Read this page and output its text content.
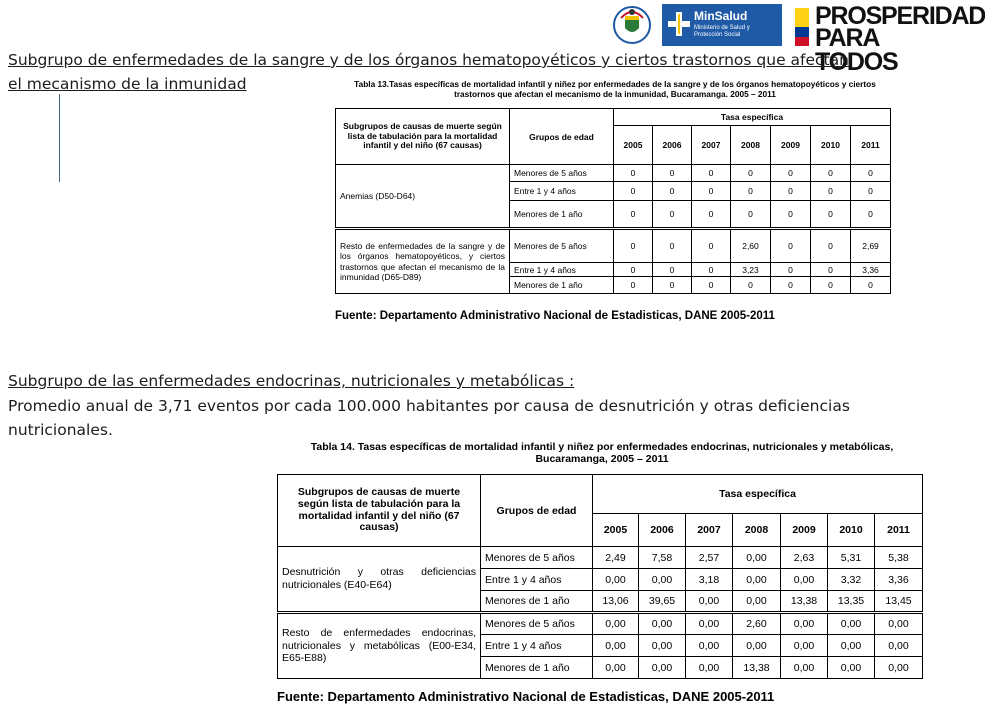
MinSalud
Ministerio de Salud y Protección Social
PROSPERIDAD
PARA TODOS
Subgrupo de enfermedades de la sangre y de los órganos hematopoyéticos y ciertos trastornos que afectan
el mecanismo de la inmunidad	Tabla 13.Tasas específicas de mortalidad infantil y niñez por enfermedades de la sangre y de los órganos hematopoyéticos y ciertos trastornos que afectan el mecanismo de la inmunidad, Bucaramanga. 2005 – 2011
Subgrupos de causas de muerte según lista de tabulación para la mortalidad infantil y del niño (67 causas)	Grupos de edad	Tasa específica						
		2005	2006	2007	2008	2009	2010	2011
Anemias (D50-D64)	Menores de 5 años	0	0	0	0	0	0	0
	Entre 1 y 4 años	0	0	0	0	0	0	0
	Menores de 1 año	0	0	0	0	0	0	0
Resto de enfermedades de la sangre y de los órganos hematopoyéticos, y ciertos trastornos que afectan el mecanismo de la inmunidad (D65-D89)	Menores de 5 años	0	0	0	2,60	0	0	2,69
	Entre 1 y 4 años	0	0	0	3,23	0	0	3,36
	Menores de 1 año	0	0	0	0	0	0	0
Fuente: Departamento Administrativo Nacional de Estadisticas, DANE 2005-2011
Subgrupo de las enfermedades endocrinas, nutricionales y metabólicas :
Promedio anual de 3,71 eventos por cada 100.000 habitantes por causa de desnutrición y otras deficiencias
nutricionales.
Tabla 14. Tasas específicas de mortalidad infantil y niñez por enfermedades endocrinas, nutricionales y metabólicas, Bucaramanga, 2005 – 2011
Subgrupos de causas de muerte según lista de tabulación para la mortalidad infantil y del niño (67 causas)	Grupos de edad	Tasa específica						
		2005	2006	2007	2008	2009	2010	2011
Desnutrición y otras deficiencias nutricionales (E40-E64)	Menores de 5 años	2,49	7,58	2,57	0,00	2,63	5,31	5,38
	Entre 1 y 4 años	0,00	0,00	3,18	0,00	0,00	3,32	3,36
	Menores de 1 año	13,06	39,65	0,00	0,00	13,38	13,35	13,45
Resto de enfermedades endocrinas, nutricionales y metabólicas (E00-E34, E65-E88)	Menores de 5 años	0,00	0,00	0,00	2,60	0,00	0,00	0,00
	Entre 1 y 4 años	0,00	0,00	0,00	0,00	0,00	0,00	0,00
	Menores de 1 año	0,00	0,00	0,00	13,38	0,00	0,00	0,00
Fuente: Departamento Administrativo Nacional de Estadisticas, DANE 2005-2011
